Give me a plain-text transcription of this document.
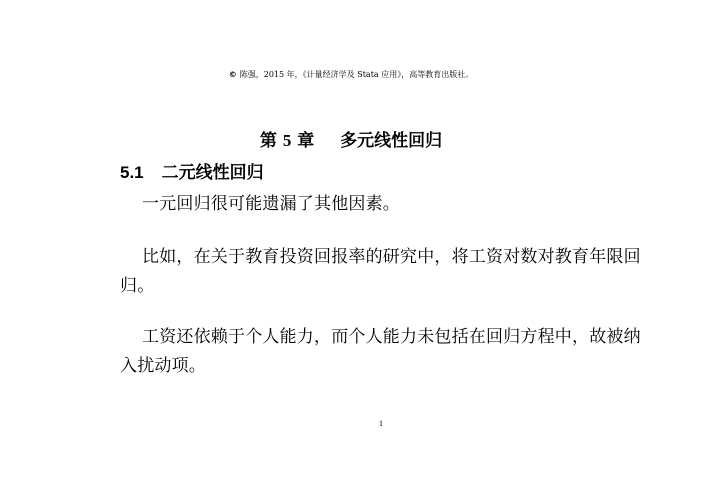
© 陈强，2015 年，《计量经济学及 Stata 应用》，高等教育出版社。
第 5 章 多元线性回归
5.1 二元线性回归

一元回归很可能遗漏了其他因素。

比如，在关于教育投资回报率的研究中，将工资对数对教育年限回归。

工资还依赖于个人能力，而个人能力未包括在回归方程中，故被纳入扰动项。

1
